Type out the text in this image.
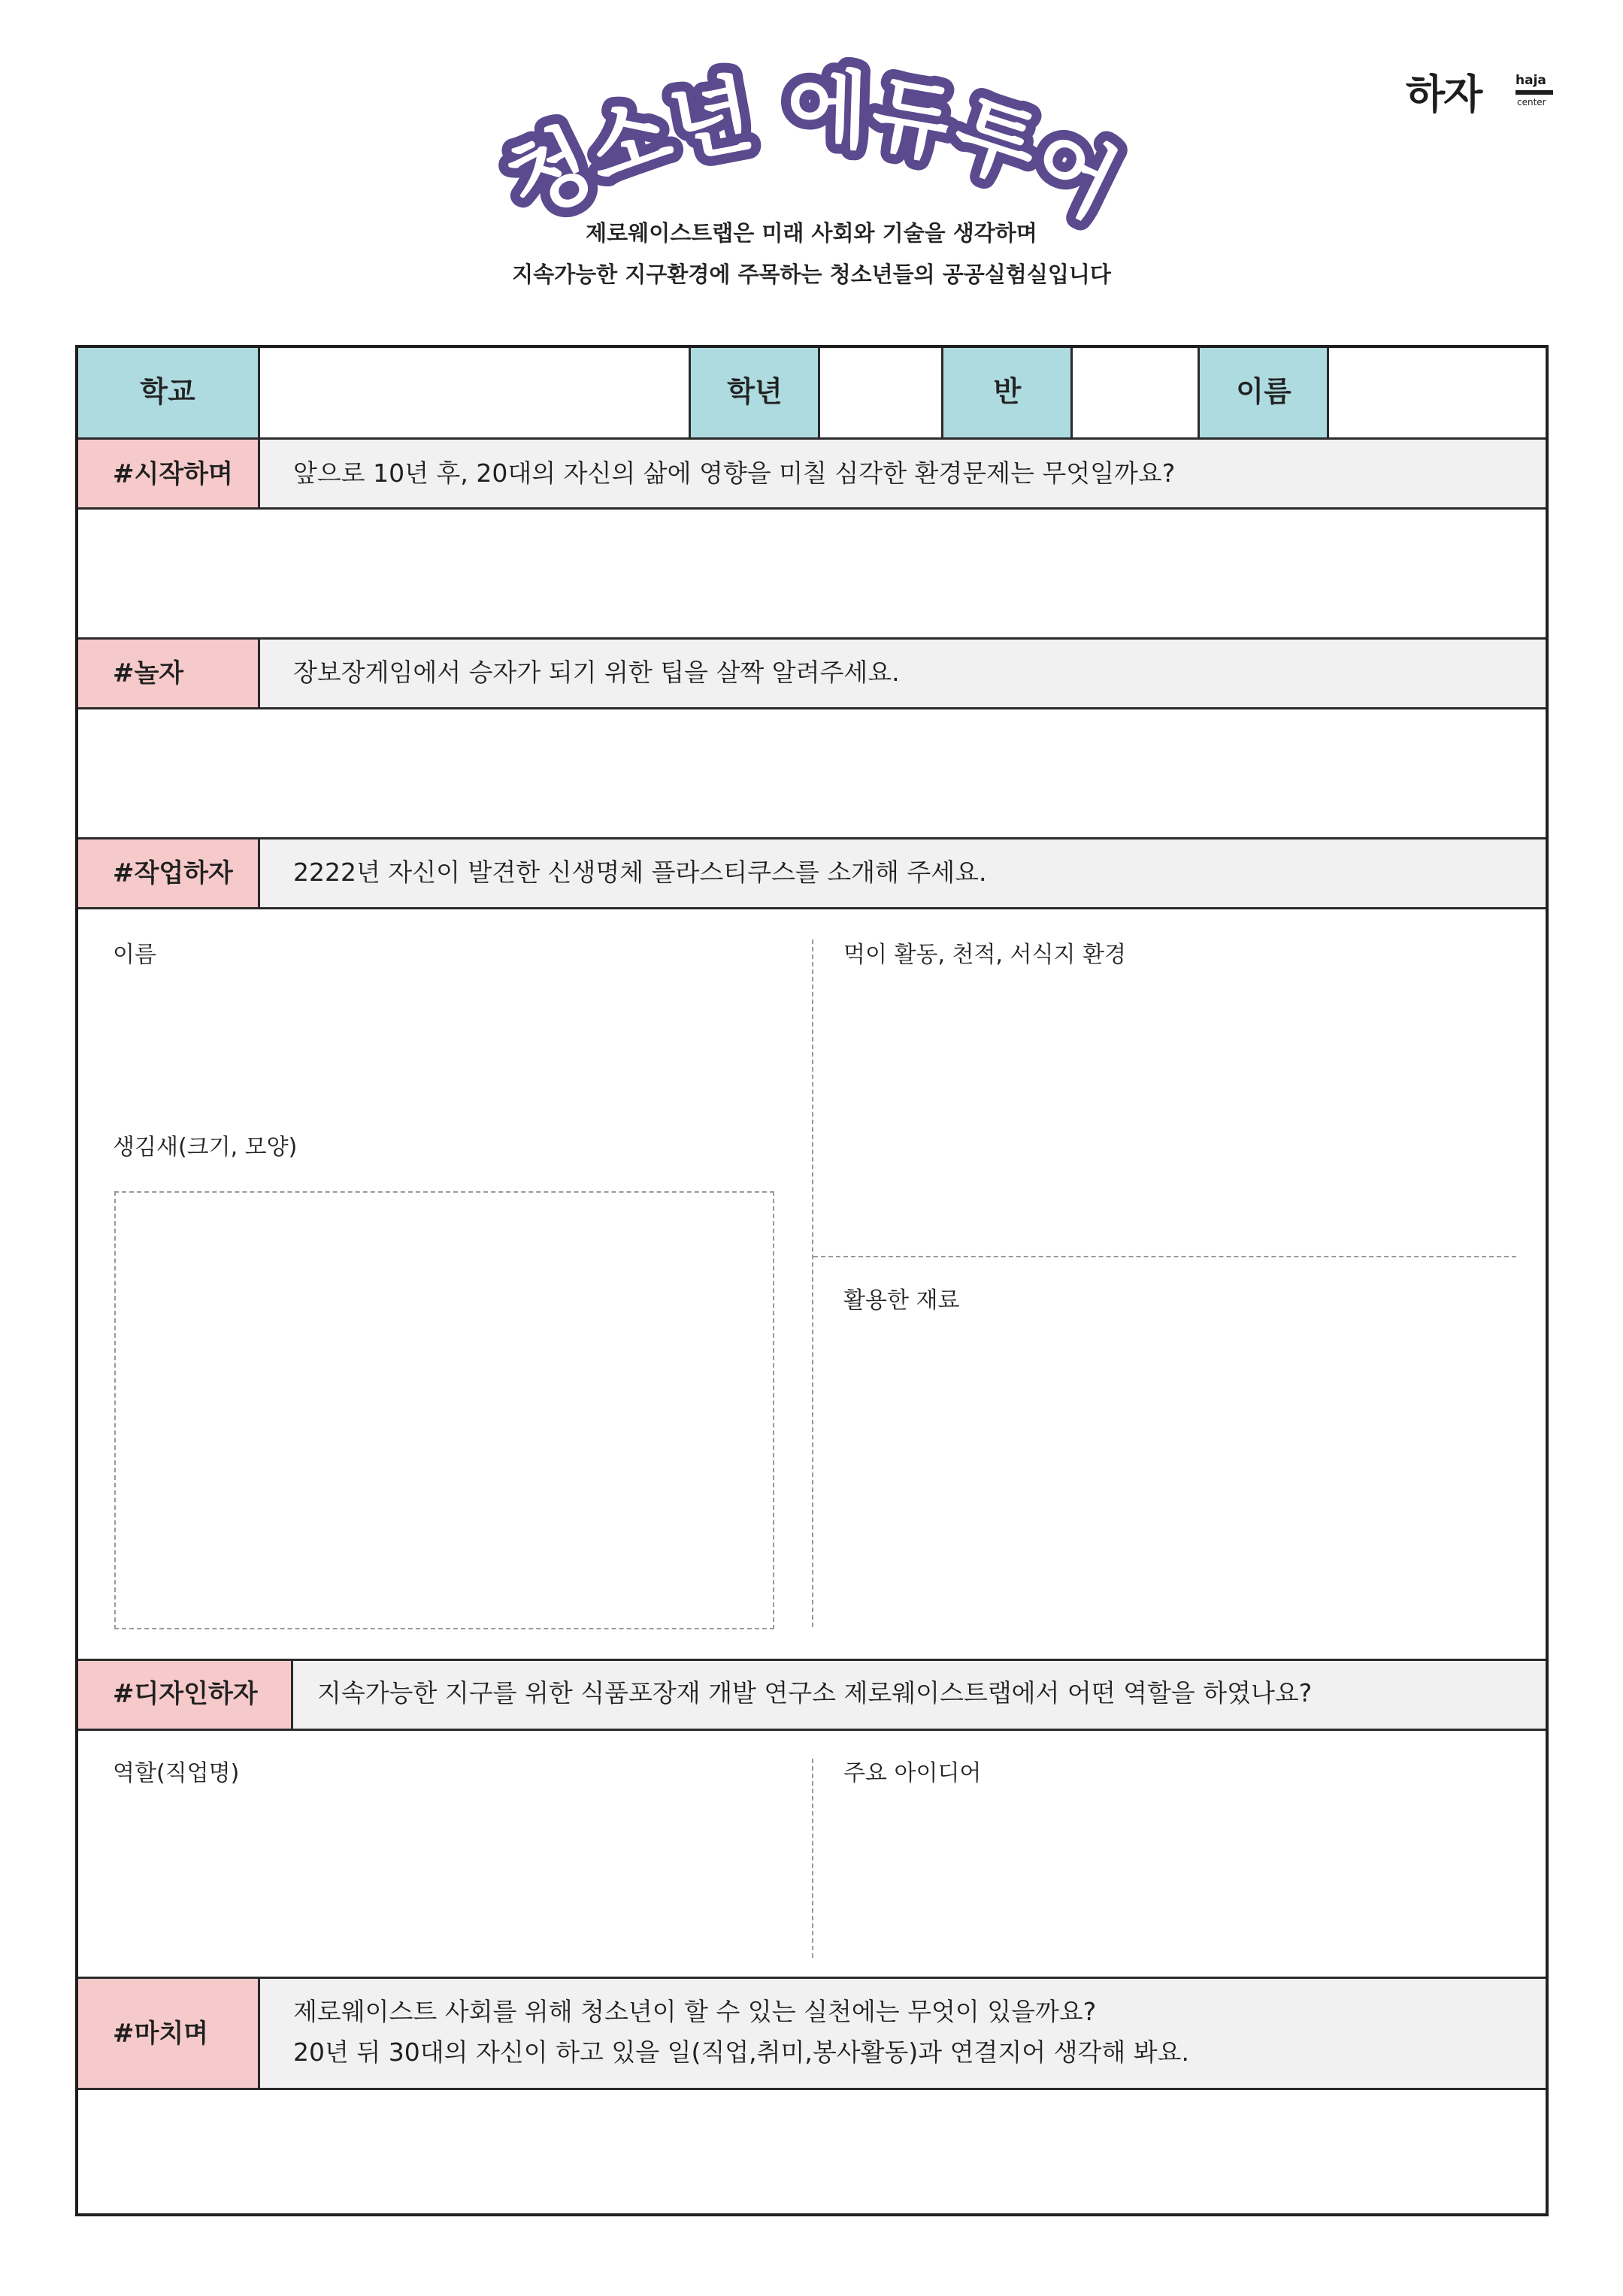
청소년 에듀투어
제로웨이스트랩은 미래 사회와 기술을 생각하며
지속가능한 지구환경에 주목하는 청소년들의 공공실험실입니다
하자	haja
center
학교	학년	반	이름
#시작하며 앞으로 10년 후, 20대의 자신의 삶에 영향을 미칠 심각한 환경문제는 무엇일까요?
#놀자	장보장게임에서 승자가 되기 위한 팁을 살짝 알려주세요.
#작업하자 2222년 자신이 발견한 신생명체 플라스티쿠스를 소개해 주세요.
이름
생김새(크기, 모양)
먹이 활동, 천적, 서식지 환경
활용한 재료
#디자인하자 지속가능한 지구를 위한 식품포장재 개발 연구소 제로웨이스트랩에서 어떤 역할을 하였나요?
역할(직업명)	주요 아이디어
#마치며
제로웨이스트 사회를 위해 청소년이 할 수 있는 실천에는 무엇이 있을까요?
20년 뒤 30대의 자신이 하고 있을 일(직업,취미,봉사활동)과 연결지어 생각해 봐요.
